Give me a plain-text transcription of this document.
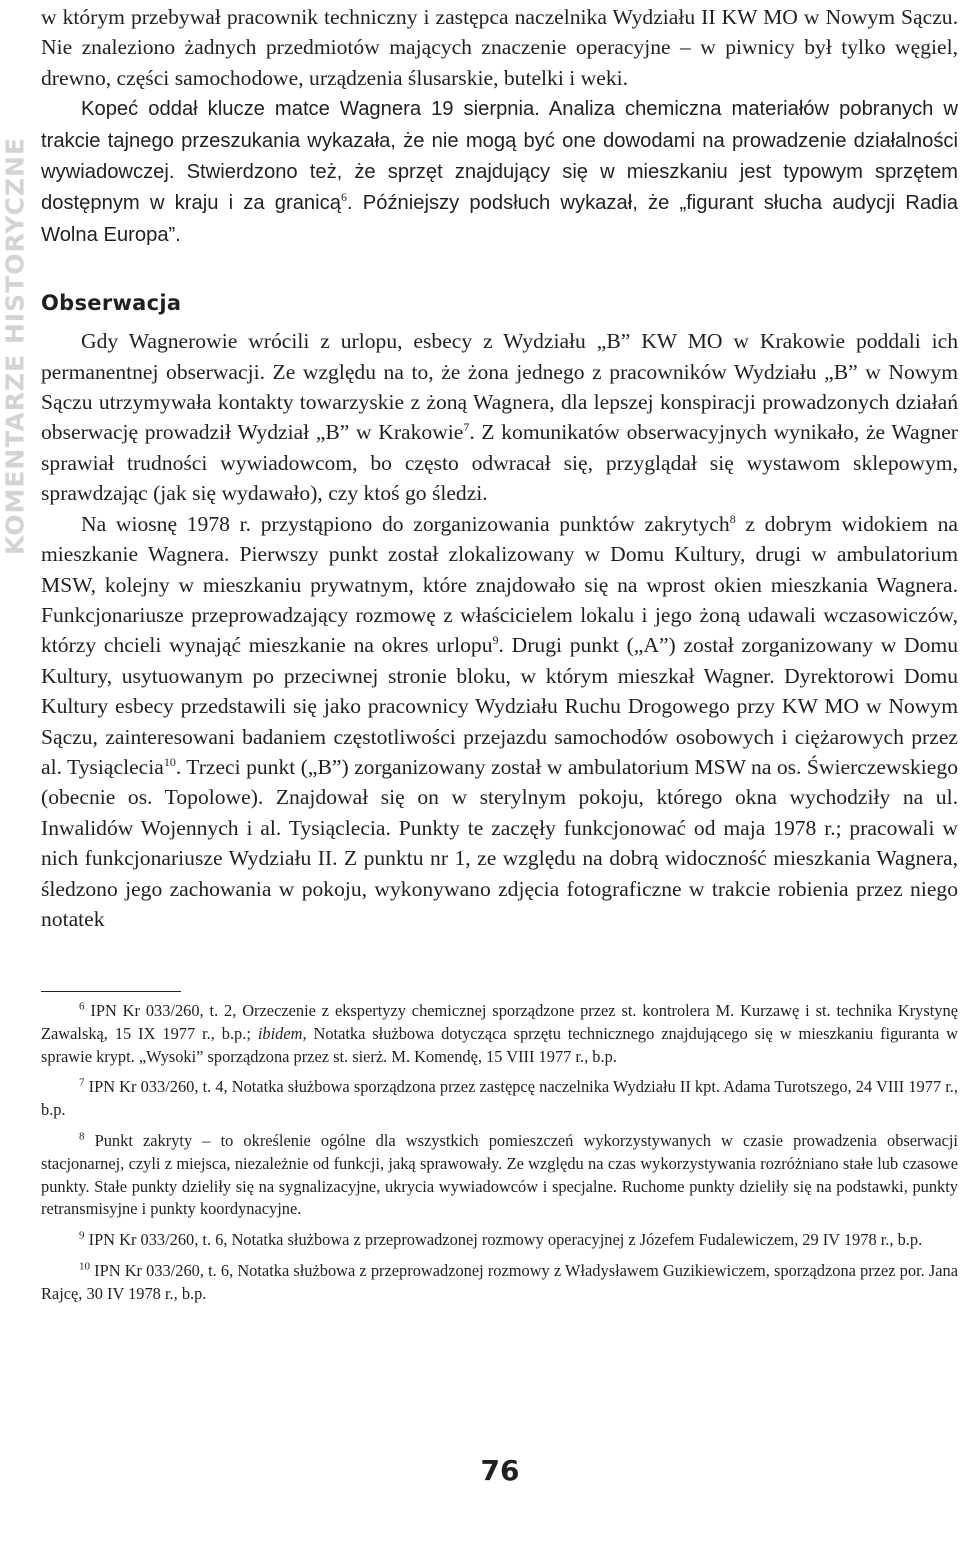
KOMENTARZE HISTORYCZNE

w którym przebywał pracownik techniczny i zastępca naczelnika Wydziału II KW MO w Nowym Sączu. Nie znaleziono żadnych przedmiotów mających znaczenie operacyjne – w piwnicy był tylko węgiel, drewno, części samochodowe, urządzenia ślusarskie, butelki i weki.

Kopeć oddał klucze matce Wagnera 19 sierpnia. Analiza chemiczna materiałów pobranych w trakcie tajnego przeszukania wykazała, że nie mogą być one dowodami na prowadzenie działalności wywiadowczej. Stwierdzono też, że sprzęt znajdujący się w mieszkaniu jest typowym sprzętem dostępnym w kraju i za granicą$^6$. Późniejszy podsłuch wykazał, że „figurant słucha audycji Radia Wolna Europa”.

Obserwacja

Gdy Wagnerowie wrócili z urlopu, esbecy z Wydziału „B” KW MO w Krakowie poddali ich permanentnej obserwacji. Ze względu na to, że żona jednego z pracowników Wydziału „B” w Nowym Sączu utrzymywała kontakty towarzyskie z żoną Wagnera, dla lepszej konspiracji prowadzonych działań obserwację prowadził Wydział „B” w Krakowie$^7$. Z komunikatów obserwacyjnych wynikało, że Wagner sprawiał trudności wywiadowcom, bo często odwracał się, przyglądał się wystawom sklepowym, sprawdzając (jak się wydawało), czy ktoś go śledzi.

Na wiosnę 1978 r. przystąpiono do zorganizowania punktów zakrytych$^8$ z dobrym widokiem na mieszkanie Wagnera. Pierwszy punkt został zlokalizowany w Domu Kultury, drugi w ambulatorium MSW, kolejny w mieszkaniu prywatnym, które znajdowało się na wprost okien mieszkania Wagnera. Funkcjonariusze przeprowadzający rozmowę z właścicielem lokalu i jego żoną udawali wczasowiczów, którzy chcieli wynająć mieszkanie na okres urlopu$^9$. Drugi punkt („A”) został zorganizowany w Domu Kultury, usytuowanym po przeciwnej stronie bloku, w którym mieszkał Wagner. Dyrektorowi Domu Kultury esbecy przedstawili się jako pracownicy Wydziału Ruchu Drogowego przy KW MO w Nowym Sączu, zainteresowani badaniem częstotliwości przejazdu samochodów osobowych i ciężarowych przez al. Tysiąclecia$^{10}$. Trzeci punkt („B”) zorganizowany został w ambulatorium MSW na os. Świerczewskiego (obecnie os. Topolowe). Znajdował się on w sterylnym pokoju, którego okna wychodziły na ul. Inwalidów Wojennych i al. Tysiąclecia. Punkty te zaczęły funkcjonować od maja 1978 r.; pracowali w nich funkcjonariusze Wydziału II. Z punktu nr 1, ze względu na dobrą widoczność mieszkania Wagnera, śledzono jego zachowania w pokoju, wykonywano zdjęcia fotograficzne w trakcie robienia przez niego notatek

$^6$ IPN Kr 033/260, t. 2, Orzeczenie z ekspertyzy chemicznej sporządzone przez st. kontrolera M. Kurzawę i st. technika Krystynę Zawalską, 15 IX 1977 r., b.p.; ibidem, Notatka służbowa dotycząca sprzętu technicznego znajdującego się w mieszkaniu figuranta w sprawie krypt. „Wysoki” sporządzona przez st. sierż. M. Komendę, 15 VIII 1977 r., b.p.

$^7$ IPN Kr 033/260, t. 4, Notatka służbowa sporządzona przez zastępcę naczelnika Wydziału II kpt. Adama Turotszego, 24 VIII 1977 r., b.p.

$^8$ Punkt zakryty – to określenie ogólne dla wszystkich pomieszczeń wykorzystywanych w czasie prowadzenia obserwacji stacjonarnej, czyli z miejsca, niezależnie od funkcji, jaką sprawowały. Ze względu na czas wykorzystywania rozróżniano stałe lub czasowe punkty. Stałe punkty dzieliły się na sygnalizacyjne, ukrycia wywiadowców i specjalne. Ruchome punkty dzieliły się na podstawki, punkty retransmisyjne i punkty koordynacyjne.

$^9$ IPN Kr 033/260, t. 6, Notatka służbowa z przeprowadzonej rozmowy operacyjnej z Józefem Fudalewiczem, 29 IV 1978 r., b.p.

$^{10}$ IPN Kr 033/260, t. 6, Notatka służbowa z przeprowadzonej rozmowy z Władysławem Guzikiewiczem, sporządzona przez por. Jana Rajcę, 30 IV 1978 r., b.p.

76
